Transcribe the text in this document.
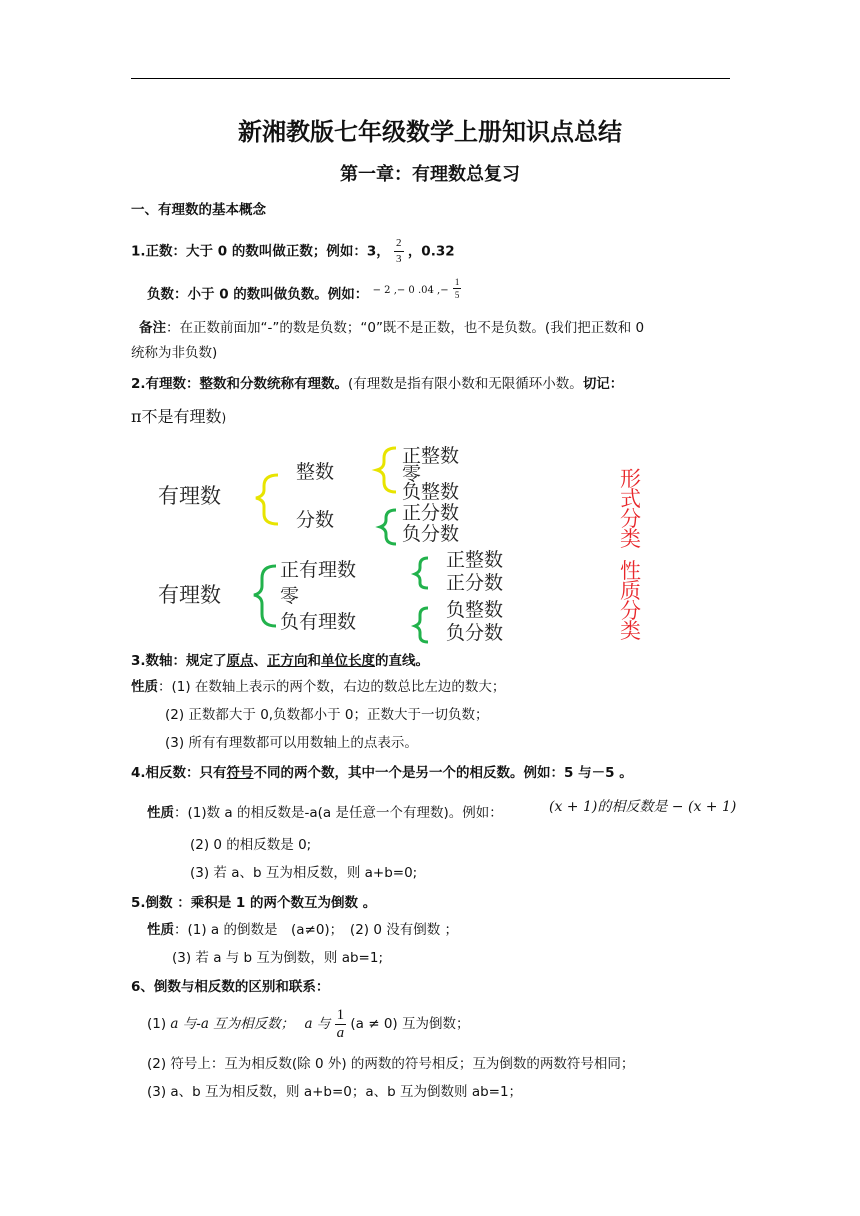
新湘教版七年级数学上册知识点总结
第一章：有理数总复习
一、有理数的基本概念
1.正数：大于 0 的数叫做正数；例如：3， $\frac{2}{3}$ ，0.32
负数：小于 0 的数叫做负数。例如： $^{- 2 ,- 0 .04 ,-} \frac{1}{5}$
备注：在正数前面加“-”的数是负数；“0”既不是正数，也不是负数。(我们把正数和 0
统称为非负数)
2.有理数：整数和分数统称有理数。(有理数是指有限小数和无限循环小数。切记：
π不是有理数)
有理数
整数
分数
正整数
零
负整数
正分数
负分数
形
式
分
类
有理数
正有理数
零
负有理数
正整数
正分数
负整数
负分数
性
质
分
类
3.数轴：规定了原点、正方向和单位长度的直线。
性质：(1) 在数轴上表示的两个数，右边的数总比左边的数大；
(2) 正数都大于 0,负数都小于 0；正数大于一切负数；
(3) 所有有理数都可以用数轴上的点表示。
4.相反数：只有符号不同的两个数，其中一个是另一个的相反数。例如：5 与－5 。
性质：(1)数 a 的相反数是-a(a 是任意一个有理数)。例如：	(x + 1)的相反数是 − (x + 1)
(2) 0 的相反数是 0;
(3) 若 a、b 互为相反数，则 a+b=0;
5.倒数 ：乘积是 1 的两个数互为倒数 。
性质：(1) a 的倒数是　(a≠0)；　(2) 0 没有倒数 ；
(3) 若 a 与 b 互为倒数，则 ab=1;
6、倒数与相反数的区别和联系：
(1) a 与-a 互为相反数； a 与 $\frac{1}{a} (a \ne 0)$ 互为倒数；
(2) 符号上：互为相反数(除 0 外) 的两数的符号相反；互为倒数的两数符号相同；
(3) a、b 互为相反数，则 a+b=0；a、b 互为倒数则 ab=1；
